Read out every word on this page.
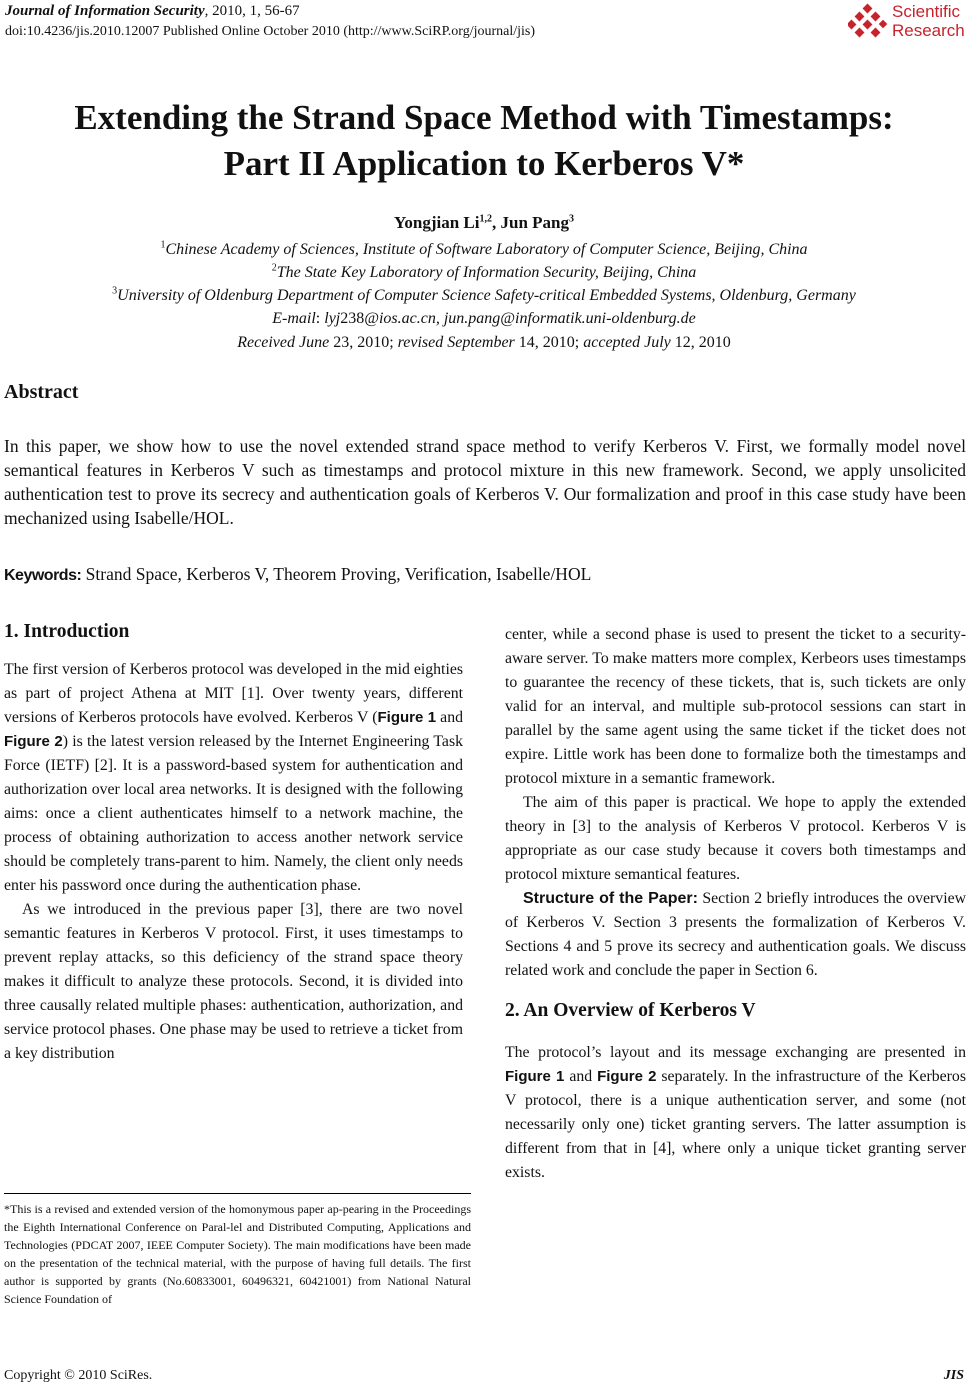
Journal of Information Security, 2010, 1, 56-67
doi:10.4236/jis.2010.12007 Published Online October 2010 (http://www.SciRP.org/journal/jis)
Scientific
Research
Extending the Strand Space Method with Timestamps:
Part II Application to Kerberos V*
Yongjian Li$^{1,2}$, Jun Pang$^3$
$^1$Chinese Academy of Sciences, Institute of Software Laboratory of Computer Science, Beijing, China
$^2$The State Key Laboratory of Information Security, Beijing, China
$^3$University of Oldenburg Department of Computer Science Safety-critical Embedded Systems, Oldenburg, Germany
E-mail: lyj238@ios.ac.cn, jun.pang@informatik.uni-oldenburg.de
Received June 23, 2010; revised September 14, 2010; accepted July 12, 2010
Abstract
In this paper, we show how to use the novel extended strand space method to verify Kerberos V. First, we formally model novel semantical features in Kerberos V such as timestamps and protocol mixture in this new framework. Second, we apply unsolicited authentication test to prove its secrecy and authentication goals of Kerberos V. Our formalization and proof in this case study have been mechanized using Isabelle/HOL.
Keywords: Strand Space, Kerberos V, Theorem Proving, Verification, Isabelle/HOL
1. Introduction

The first version of Kerberos protocol was developed in the mid eighties as part of project Athena at MIT [1]. Over twenty years, different versions of Kerberos protocols have evolved. Kerberos V (Figure 1 and Figure 2) is the latest version released by the Internet Engineering Task Force (IETF) [2]. It is a password-based system for authentication and authorization over local area networks. It is designed with the following aims: once a client authenticates himself to a network machine, the process of obtaining authorization to access another network service should be completely trans-parent to him. Namely, the client only needs enter his password once during the authentication phase.

As we introduced in the previous paper [3], there are two novel semantic features in Kerberos V protocol. First, it uses timestamps to prevent replay attacks, so this deficiency of the strand space theory makes it difficult to analyze these protocols. Second, it is divided into three causally related multiple phases: authentication, authorization, and service protocol phases. One phase may be used to retrieve a ticket from a key distribution

center, while a second phase is used to present the ticket to a security-aware server. To make matters more complex, Kerbeors uses timestamps to guarantee the recency of these tickets, that is, such tickets are only valid for an interval, and multiple sub-protocol sessions can start in parallel by the same agent using the same ticket if the ticket does not expire. Little work has been done to formalize both the timestamps and protocol mixture in a semantic framework.

The aim of this paper is practical. We hope to apply the extended theory in [3] to the analysis of Kerberos V protocol. Kerberos V is appropriate as our case study because it covers both timestamps and protocol mixture semantical features.

Structure of the Paper: Section 2 briefly introduces the overview of Kerberos V. Section 3 presents the formalization of Kerberos V. Sections 4 and 5 prove its secrecy and authentication goals. We discuss related work and conclude the paper in Section 6.

2. An Overview of Kerberos V

The protocol’s layout and its message exchanging are presented in Figure 1 and Figure 2 separately. In the infrastructure of the Kerberos V protocol, there is a unique authentication server, and some (not necessarily only one) ticket granting servers. The latter assumption is different from that in [4], where only a unique ticket granting server exists.

*This is a revised and extended version of the homonymous paper ap-pearing in the Proceedings the Eighth International Conference on Paral-lel and Distributed Computing, Applications and Technologies (PDCAT 2007, IEEE Computer Society). The main modifications have been made on the presentation of the technical material, with the purpose of having full details. The first author is supported by grants (No.60833001, 60496321, 60421001) from National Natural Science Foundation of
Copyright © 2010 SciRes.	JIS
